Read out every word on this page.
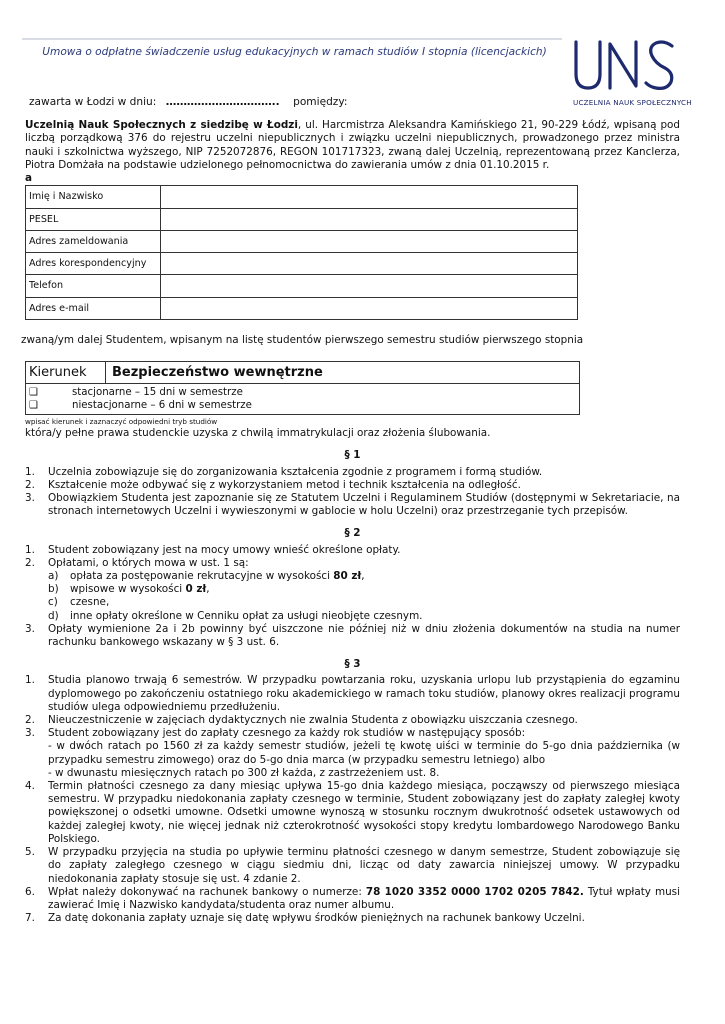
Umowa o odpłatne świadczenie usług edukacyjnych w ramach studiów I stopnia (licencjackich)
UCZELNIA NAUK SPOŁECZNYCH
zawarta w Łodzi w dniu: ………………………….. pomiędzy:
Uczelnią Nauk Społecznych z siedzibę w Łodzi, ul. Harcmistrza Aleksandra Kamińskiego 21, 90-229 Łódź, wpisaną pod liczbą porządkową 376 do rejestru uczelni niepublicznych i związku uczelni niepublicznych, prowadzonego przez ministra nauki i szkolnictwa wyższego, NIP 7252072876, REGON 101717323, zwaną dalej Uczelnią, reprezentowaną przez Kanclerza, Piotra Domżała na podstawie udzielonego pełnomocnictwa do zawierania umów z dnia 01.10.2015 r.
a
Imię i Nazwisko	
PESEL	
Adres zameldowania	
Adres korespondencyjny	
Telefon	
Adres e-mail	
zwaną/ym dalej Studentem, wpisanym na listę studentów pierwszego semestru studiów pierwszego stopnia
Kierunek	Bezpieczeństwo wewnętrzne
❑	stacjonarne – 15 dni w semestrze
❑	niestacjonarne – 6 dni w semestrze
wpisać kierunek i zaznaczyć odpowiedni tryb studiów
która/y pełne prawa studenckie uzyska z chwilą immatrykulacji oraz złożenia ślubowania.
§ 1
1.	Uczelnia zobowiązuje się do zorganizowania kształcenia zgodnie z programem i formą studiów.
2.	Kształcenie może odbywać się z wykorzystaniem metod i technik kształcenia na odległość.
3.	Obowiązkiem Studenta jest zapoznanie się ze Statutem Uczelni i Regulaminem Studiów (dostępnymi w Sekretariacie, na stronach internetowych Uczelni i wywieszonymi w gablocie w holu Uczelni) oraz przestrzeganie tych przepisów.
§ 2
1.	Student zobowiązany jest na mocy umowy wnieść określone opłaty.
2.	Opłatami, o których mowa w ust. 1 są:
a)	opłata za postępowanie rekrutacyjne w wysokości 80 zł,
b)	wpisowe w wysokości 0 zł,
c)	czesne,
d)	inne opłaty określone w Cenniku opłat za usługi nieobjęte czesnym.
3.	Opłaty wymienione 2a i 2b powinny być uiszczone nie później niż w dniu złożenia dokumentów na studia na numer rachunku bankowego wskazany w § 3 ust. 6.
§ 3
1.	Studia planowo trwają 6 semestrów. W przypadku powtarzania roku, uzyskania urlopu lub przystąpienia do egzaminu dyplomowego po zakończeniu ostatniego roku akademickiego w ramach toku studiów, planowy okres realizacji programu studiów ulega odpowiedniemu przedłużeniu.
2.	Nieuczestniczenie w zajęciach dydaktycznych nie zwalnia Studenta z obowiązku uiszczania czesnego.
3.	Student zobowiązany jest do zapłaty czesnego za każdy rok studiów w następujący sposób:
- w dwóch ratach po 1560 zł za każdy semestr studiów, jeżeli tę kwotę uiści w terminie do 5-go dnia października (w przypadku semestru zimowego) oraz do 5-go dnia marca (w przypadku semestru letniego) albo
- w dwunastu miesięcznych ratach po 300 zł każda, z zastrzeżeniem ust. 8.
4.	Termin płatności czesnego za dany miesiąc upływa 15-go dnia każdego miesiąca, począwszy od pierwszego miesiąca semestru. W przypadku niedokonania zapłaty czesnego w terminie, Student zobowiązany jest do zapłaty zaległej kwoty powiększonej o odsetki umowne. Odsetki umowne wynoszą w stosunku rocznym dwukrotność odsetek ustawowych od każdej zaległej kwoty, nie więcej jednak niż czterokrotność wysokości stopy kredytu lombardowego Narodowego Banku Polskiego.
5.	W przypadku przyjęcia na studia po upływie terminu płatności czesnego w danym semestrze, Student zobowiązuje się do zapłaty zaległego czesnego w ciągu siedmiu dni, licząc od daty zawarcia niniejszej umowy. W przypadku niedokonania zapłaty stosuje się ust. 4 zdanie 2.
6.	Wpłat należy dokonywać na rachunek bankowy o numerze: 78 1020 3352 0000 1702 0205 7842. Tytuł wpłaty musi zawierać Imię i Nazwisko kandydata/studenta oraz numer albumu.
7.	Za datę dokonania zapłaty uznaje się datę wpływu środków pieniężnych na rachunek bankowy Uczelni.
